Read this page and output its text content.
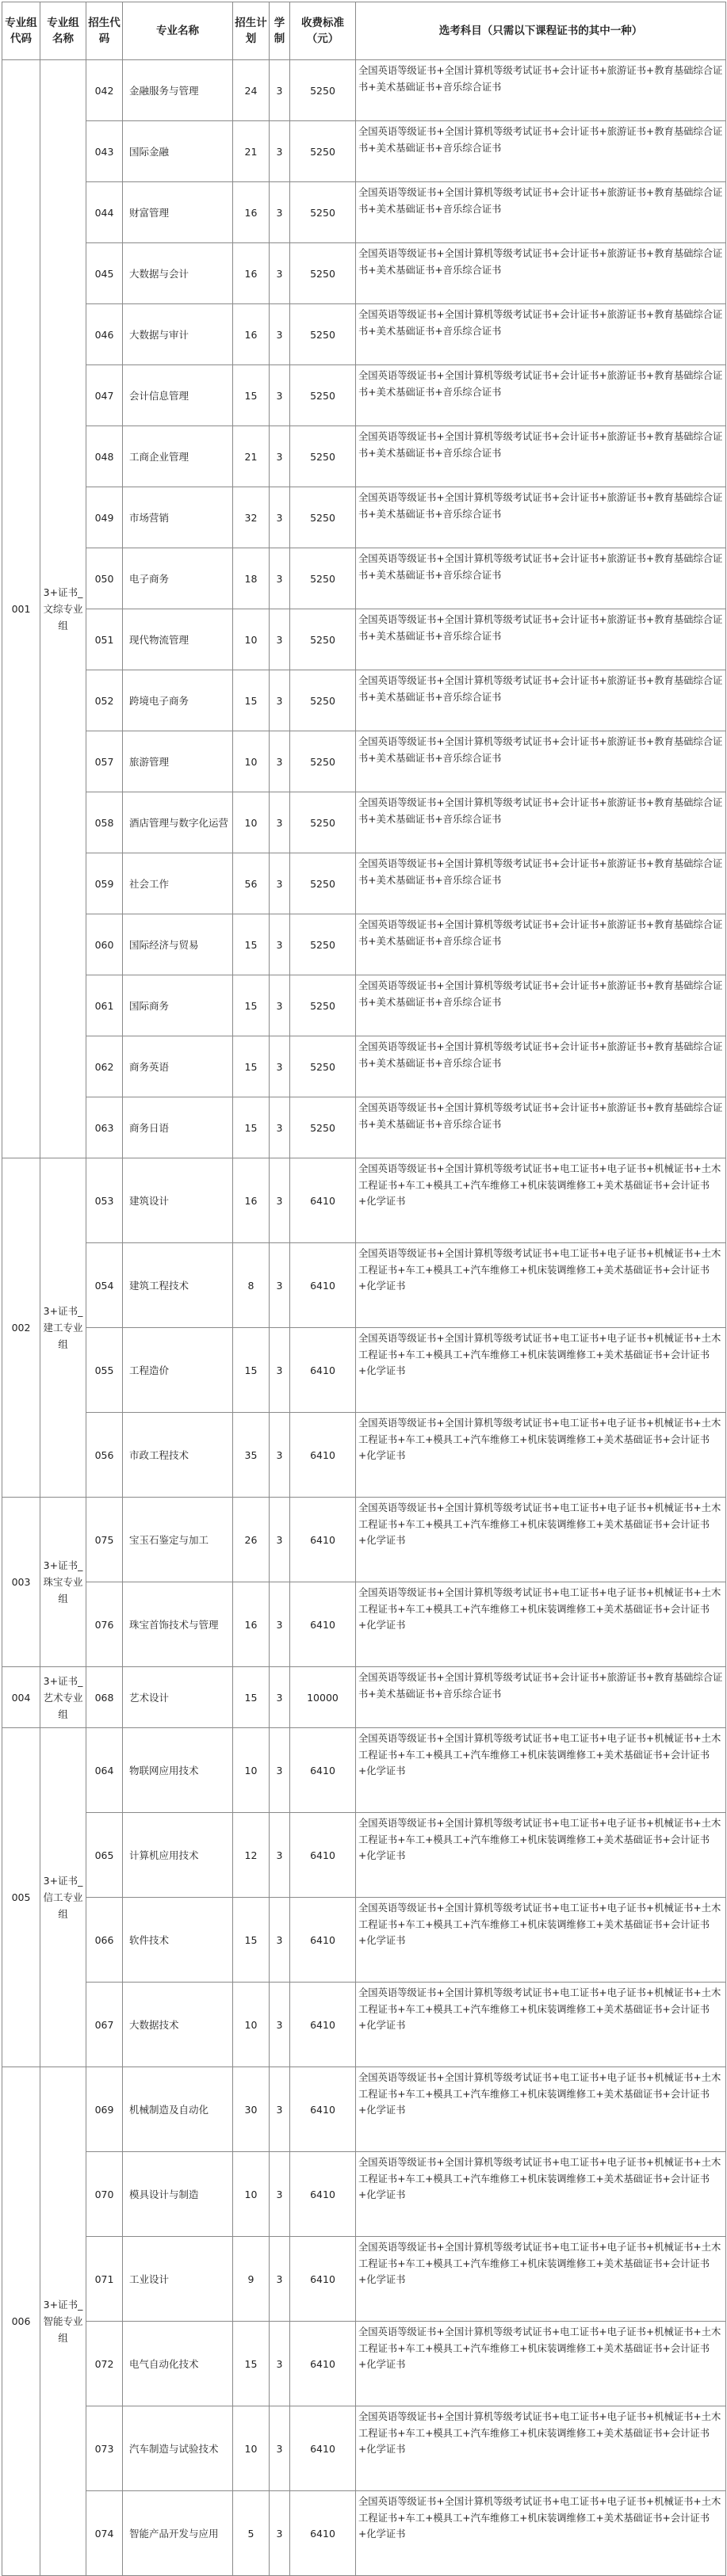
专业组代码	专业组名称	招生代码	专业名称	招生计划	学制	收费标准（元）	选考科目（只需以下课程证书的其中一种）
001	3+证书_文综专业组	042	金融服务与管理	24	3	5250	全国英语等级证书+全国计算机等级考试证书+会计证书+旅游证书+教育基础综合证书+美术基础证书+音乐综合证书
		043	国际金融	21	3	5250	全国英语等级证书+全国计算机等级考试证书+会计证书+旅游证书+教育基础综合证书+美术基础证书+音乐综合证书
		044	财富管理	16	3	5250	全国英语等级证书+全国计算机等级考试证书+会计证书+旅游证书+教育基础综合证书+美术基础证书+音乐综合证书
		045	大数据与会计	16	3	5250	全国英语等级证书+全国计算机等级考试证书+会计证书+旅游证书+教育基础综合证书+美术基础证书+音乐综合证书
		046	大数据与审计	16	3	5250	全国英语等级证书+全国计算机等级考试证书+会计证书+旅游证书+教育基础综合证书+美术基础证书+音乐综合证书
		047	会计信息管理	15	3	5250	全国英语等级证书+全国计算机等级考试证书+会计证书+旅游证书+教育基础综合证书+美术基础证书+音乐综合证书
		048	工商企业管理	21	3	5250	全国英语等级证书+全国计算机等级考试证书+会计证书+旅游证书+教育基础综合证书+美术基础证书+音乐综合证书
		049	市场营销	32	3	5250	全国英语等级证书+全国计算机等级考试证书+会计证书+旅游证书+教育基础综合证书+美术基础证书+音乐综合证书
		050	电子商务	18	3	5250	全国英语等级证书+全国计算机等级考试证书+会计证书+旅游证书+教育基础综合证书+美术基础证书+音乐综合证书
		051	现代物流管理	10	3	5250	全国英语等级证书+全国计算机等级考试证书+会计证书+旅游证书+教育基础综合证书+美术基础证书+音乐综合证书
		052	跨境电子商务	15	3	5250	全国英语等级证书+全国计算机等级考试证书+会计证书+旅游证书+教育基础综合证书+美术基础证书+音乐综合证书
		057	旅游管理	10	3	5250	全国英语等级证书+全国计算机等级考试证书+会计证书+旅游证书+教育基础综合证书+美术基础证书+音乐综合证书
		058	酒店管理与数字化运营	10	3	5250	全国英语等级证书+全国计算机等级考试证书+会计证书+旅游证书+教育基础综合证书+美术基础证书+音乐综合证书
		059	社会工作	56	3	5250	全国英语等级证书+全国计算机等级考试证书+会计证书+旅游证书+教育基础综合证书+美术基础证书+音乐综合证书
		060	国际经济与贸易	15	3	5250	全国英语等级证书+全国计算机等级考试证书+会计证书+旅游证书+教育基础综合证书+美术基础证书+音乐综合证书
		061	国际商务	15	3	5250	全国英语等级证书+全国计算机等级考试证书+会计证书+旅游证书+教育基础综合证书+美术基础证书+音乐综合证书
		062	商务英语	15	3	5250	全国英语等级证书+全国计算机等级考试证书+会计证书+旅游证书+教育基础综合证书+美术基础证书+音乐综合证书
		063	商务日语	15	3	5250	全国英语等级证书+全国计算机等级考试证书+会计证书+旅游证书+教育基础综合证书+美术基础证书+音乐综合证书
002	3+证书_建工专业组	053	建筑设计	16	3	6410	全国英语等级证书+全国计算机等级考试证书+电工证书+电子证书+机械证书+土木工程证书+车工+模具工+汽车维修工+机床装调维修工+美术基础证书+会计证书+化学证书
		054	建筑工程技术	8	3	6410	全国英语等级证书+全国计算机等级考试证书+电工证书+电子证书+机械证书+土木工程证书+车工+模具工+汽车维修工+机床装调维修工+美术基础证书+会计证书+化学证书
		055	工程造价	15	3	6410	全国英语等级证书+全国计算机等级考试证书+电工证书+电子证书+机械证书+土木工程证书+车工+模具工+汽车维修工+机床装调维修工+美术基础证书+会计证书+化学证书
		056	市政工程技术	35	3	6410	全国英语等级证书+全国计算机等级考试证书+电工证书+电子证书+机械证书+土木工程证书+车工+模具工+汽车维修工+机床装调维修工+美术基础证书+会计证书+化学证书
003	3+证书_珠宝专业组	075	宝玉石鉴定与加工	26	3	6410	全国英语等级证书+全国计算机等级考试证书+电工证书+电子证书+机械证书+土木工程证书+车工+模具工+汽车维修工+机床装调维修工+美术基础证书+会计证书+化学证书
		076	珠宝首饰技术与管理	16	3	6410	全国英语等级证书+全国计算机等级考试证书+电工证书+电子证书+机械证书+土木工程证书+车工+模具工+汽车维修工+机床装调维修工+美术基础证书+会计证书+化学证书
004	3+证书_艺术专业组	068	艺术设计	15	3	10000	全国英语等级证书+全国计算机等级考试证书+会计证书+旅游证书+教育基础综合证书+美术基础证书+音乐综合证书
005	3+证书_信工专业组	064	物联网应用技术	10	3	6410	全国英语等级证书+全国计算机等级考试证书+电工证书+电子证书+机械证书+土木工程证书+车工+模具工+汽车维修工+机床装调维修工+美术基础证书+会计证书+化学证书
		065	计算机应用技术	12	3	6410	全国英语等级证书+全国计算机等级考试证书+电工证书+电子证书+机械证书+土木工程证书+车工+模具工+汽车维修工+机床装调维修工+美术基础证书+会计证书+化学证书
		066	软件技术	15	3	6410	全国英语等级证书+全国计算机等级考试证书+电工证书+电子证书+机械证书+土木工程证书+车工+模具工+汽车维修工+机床装调维修工+美术基础证书+会计证书+化学证书
		067	大数据技术	10	3	6410	全国英语等级证书+全国计算机等级考试证书+电工证书+电子证书+机械证书+土木工程证书+车工+模具工+汽车维修工+机床装调维修工+美术基础证书+会计证书+化学证书
006	3+证书_智能专业组	069	机械制造及自动化	30	3	6410	全国英语等级证书+全国计算机等级考试证书+电工证书+电子证书+机械证书+土木工程证书+车工+模具工+汽车维修工+机床装调维修工+美术基础证书+会计证书+化学证书
		070	模具设计与制造	10	3	6410	全国英语等级证书+全国计算机等级考试证书+电工证书+电子证书+机械证书+土木工程证书+车工+模具工+汽车维修工+机床装调维修工+美术基础证书+会计证书+化学证书
		071	工业设计	9	3	6410	全国英语等级证书+全国计算机等级考试证书+电工证书+电子证书+机械证书+土木工程证书+车工+模具工+汽车维修工+机床装调维修工+美术基础证书+会计证书+化学证书
		072	电气自动化技术	15	3	6410	全国英语等级证书+全国计算机等级考试证书+电工证书+电子证书+机械证书+土木工程证书+车工+模具工+汽车维修工+机床装调维修工+美术基础证书+会计证书+化学证书
		073	汽车制造与试验技术	10	3	6410	全国英语等级证书+全国计算机等级考试证书+电工证书+电子证书+机械证书+土木工程证书+车工+模具工+汽车维修工+机床装调维修工+美术基础证书+会计证书+化学证书
		074	智能产品开发与应用	5	3	6410	全国英语等级证书+全国计算机等级考试证书+电工证书+电子证书+机械证书+土木工程证书+车工+模具工+汽车维修工+机床装调维修工+美术基础证书+会计证书+化学证书
